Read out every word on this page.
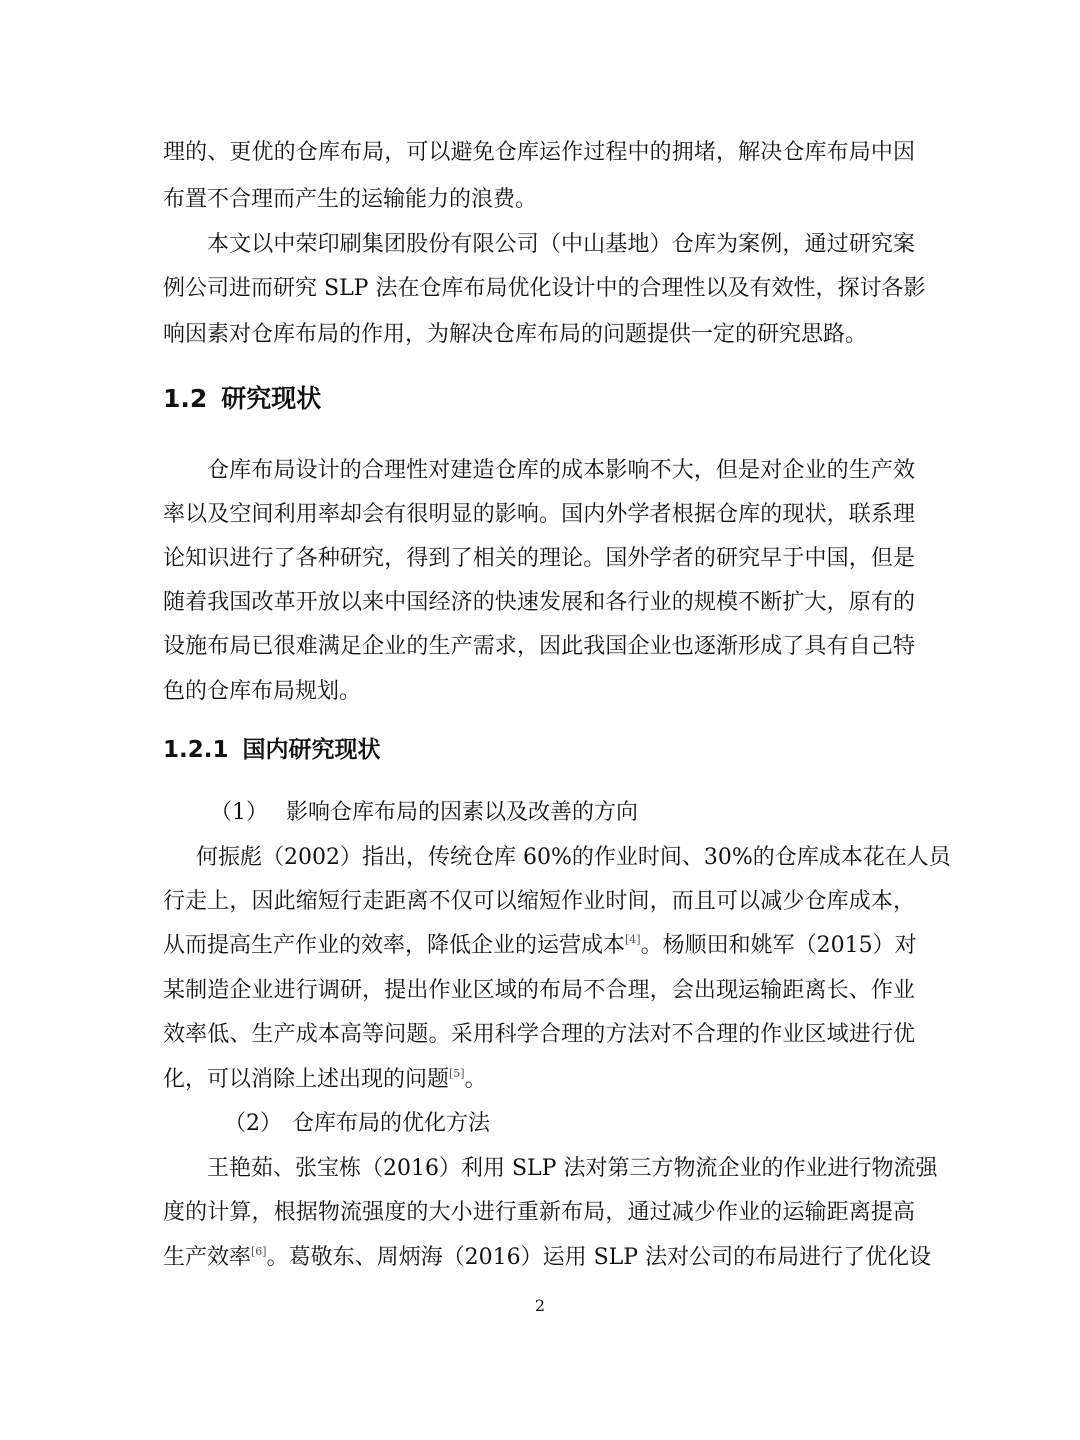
理的、更优的仓库布局，可以避免仓库运作过程中的拥堵，解决仓库布局中因
布置不合理而产生的运输能力的浪费。
本文以中荣印刷集团股份有限公司（中山基地）仓库为案例，通过研究案
例公司进而研究 SLP 法在仓库布局优化设计中的合理性以及有效性，探讨各影
响因素对仓库布局的作用，为解决仓库布局的问题提供一定的研究思路。
1.2 研究现状
仓库布局设计的合理性对建造仓库的成本影响不大，但是对企业的生产效
率以及空间利用率却会有很明显的影响。国内外学者根据仓库的现状，联系理
论知识进行了各种研究，得到了相关的理论。国外学者的研究早于中国，但是
随着我国改革开放以来中国经济的快速发展和各行业的规模不断扩大，原有的
设施布局已很难满足企业的生产需求，因此我国企业也逐渐形成了具有自己特
色的仓库布局规划。
1.2.1 国内研究现状
（1） 影响仓库布局的因素以及改善的方向
何振彪（2002）指出，传统仓库 60%的作业时间、30%的仓库成本花在人员
行走上，因此缩短行走距离不仅可以缩短作业时间，而且可以减少仓库成本，
从而提高生产作业的效率，降低企业的运营成本[4]。杨顺田和姚军（2015）对
某制造企业进行调研，提出作业区域的布局不合理，会出现运输距离长、作业
效率低、生产成本高等问题。采用科学合理的方法对不合理的作业区域进行优
化，可以消除上述出现的问题[5]。
（2） 仓库布局的优化方法
王艳茹、张宝栋（2016）利用 SLP 法对第三方物流企业的作业进行物流强
度的计算，根据物流强度的大小进行重新布局，通过减少作业的运输距离提高
生产效率[6]。葛敬东、周炳海（2016）运用 SLP 法对公司的布局进行了优化设
2
